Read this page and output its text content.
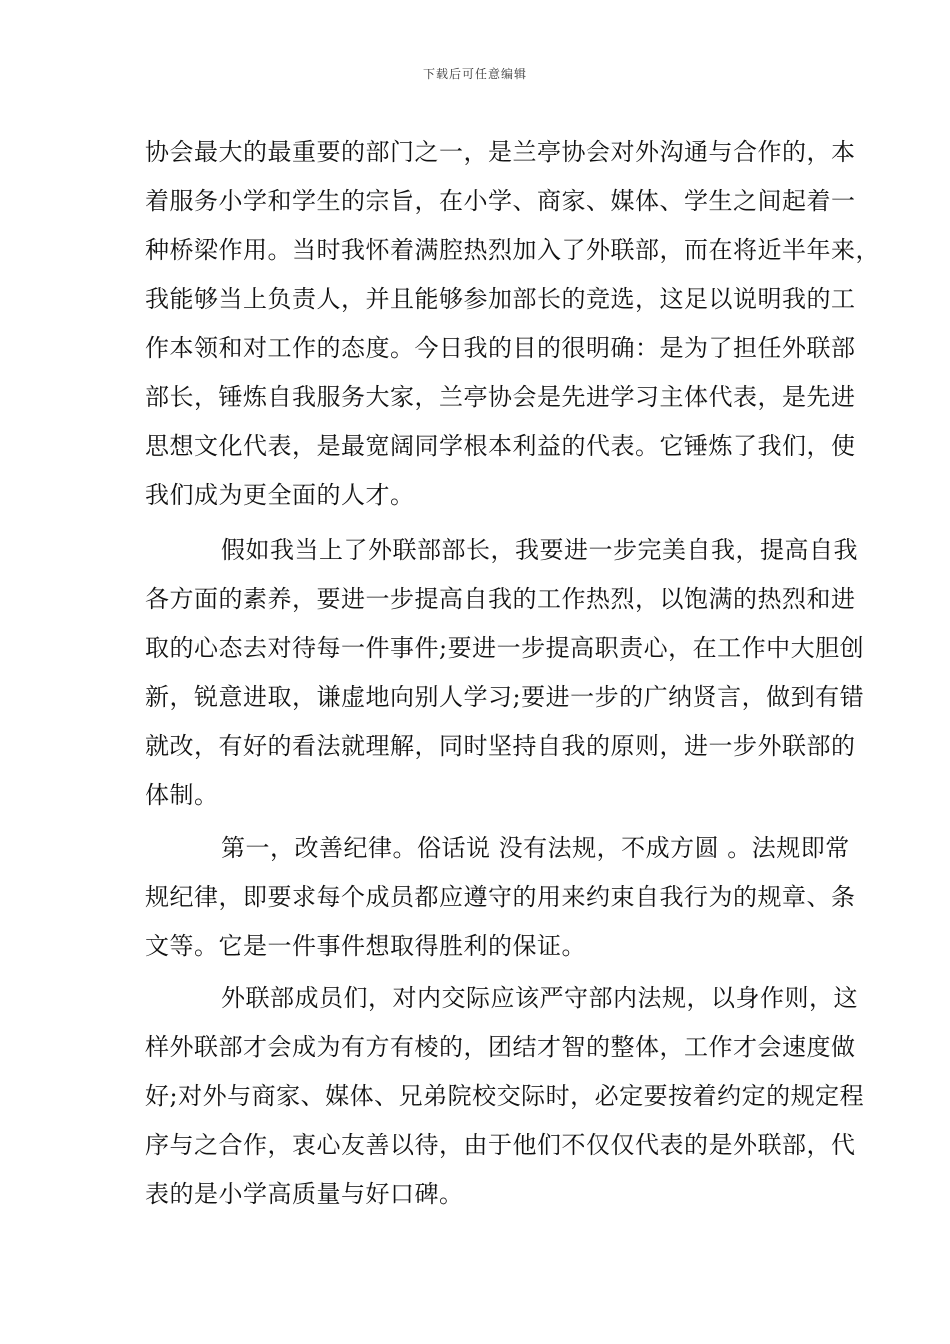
下载后可任意编辑
协会最大的最重要的部门之一，是兰亭协会对外沟通与合作的，本
着服务小学和学生的宗旨，在小学、商家、媒体、学生之间起着一
种桥梁作用。当时我怀着满腔热烈加入了外联部，而在将近半年来，
我能够当上负责人，并且能够参加部长的竞选，这足以说明我的工
作本领和对工作的态度。今日我的目的很明确：是为了担任外联部
部长，锤炼自我服务大家，兰亭协会是先进学习主体代表，是先进
思想文化代表，是最宽阔同学根本利益的代表。它锤炼了我们，使
我们成为更全面的人才。
假如我当上了外联部部长，我要进一步完美自我，提高自我
各方面的素养，要进一步提高自我的工作热烈，以饱满的热烈和进
取的心态去对待每一件事件;要进一步提高职责心，在工作中大胆创
新，锐意进取，谦虚地向别人学习;要进一步的广纳贤言，做到有错
就改，有好的看法就理解，同时坚持自我的原则，进一步外联部的
体制。
第一，改善纪律。俗话说 没有法规，不成方圆 。法规即常
规纪律，即要求每个成员都应遵守的用来约束自我行为的规章、条
文等。它是一件事件想取得胜利的保证。
外联部成员们，对内交际应该严守部内法规，以身作则，这
样外联部才会成为有方有棱的，团结才智的整体，工作才会速度做
好;对外与商家、媒体、兄弟院校交际时，必定要按着约定的规定程
序与之合作，衷心友善以待，由于他们不仅仅代表的是外联部，代
表的是小学高质量与好口碑。
